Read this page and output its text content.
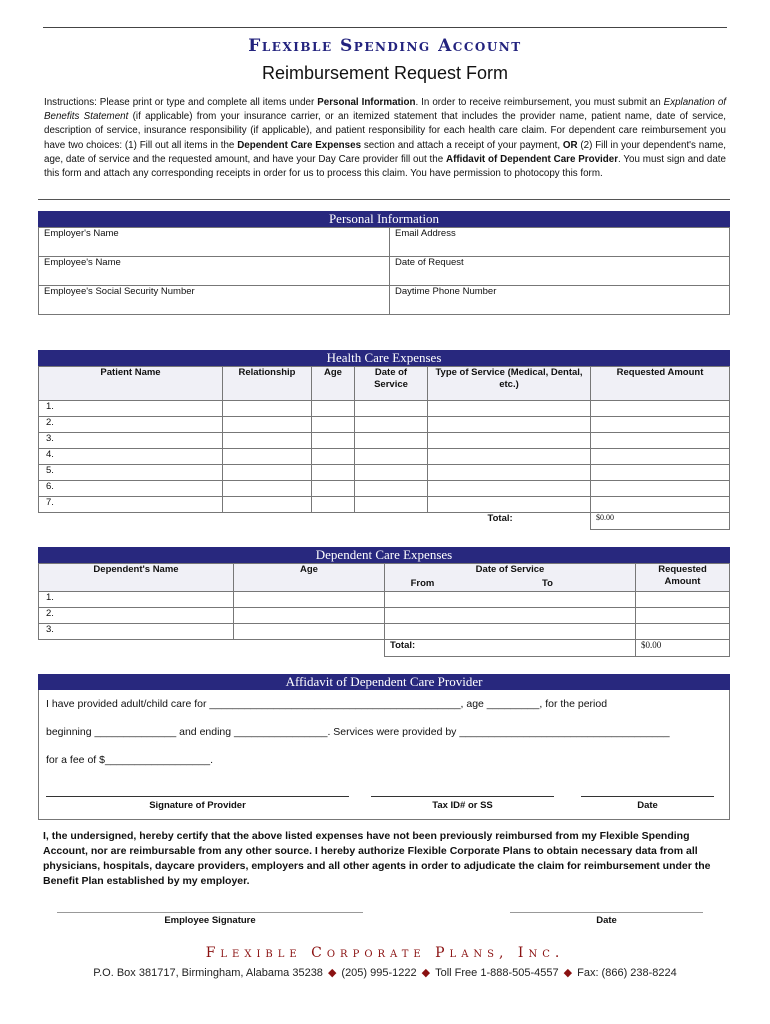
Flexible Spending Account
Reimbursement Request Form
Instructions: Please print or type and complete all items under Personal Information. In order to receive reimbursement, you must submit an Explanation of Benefits Statement (if applicable) from your insurance carrier, or an itemized statement that includes the provider name, patient name, date of service, description of service, insurance responsibility (if applicable), and patient responsibility for each health care claim. For dependent care reimbursement you have two choices: (1) Fill out all items in the Dependent Care Expenses section and attach a receipt of your payment, OR (2) Fill in your dependent's name, age, date of service and the requested amount, and have your Day Care provider fill out the Affidavit of Dependent Care Provider. You must sign and date this form and attach any corresponding receipts in order for us to process this claim. You have permission to photocopy this form.
Personal Information
Employer's Name	Email Address
Employee's Name	Date of Request
Employee's Social Security Number	Daytime Phone Number
Health Care Expenses
Patient Name	Relationship	Age	Date of Service	Type of Service (Medical, Dental, etc.)	Requested Amount
1.					
2.					
3.					
4.					
5.					
6.					
7.					
				Total:	$0.00
Dependent Care Expenses
Dependent's Name	Age	Date of Service		Requested Amount
		From	To	
1.				
2.				
3.				
		Total:		$0.00
Affidavit of Dependent Care Provider
I have provided adult/child care for ___________________________________________, age _________, for the period
beginning ______________ and ending ________________. Services were provided by ____________________________________
for a fee of $__________________.
Signature of Provider	Tax ID# or SS	Date
I, the undersigned, hereby certify that the above listed expenses have not been previously reimbursed from my Flexible Spending Account, nor are reimbursable from any other source. I hereby authorize Flexible Corporate Plans to obtain necessary data from all physicians, hospitals, daycare providers, employers and all other agents in order to adjudicate the claim for reimbursement under the Benefit Plan established by my employer.
Employee Signature	Date
Flexible Corporate Plans, Inc.
P.O. Box 381717, Birmingham, Alabama 35238 ◆ (205) 995-1222 ◆ Toll Free 1-888-505-4557 ◆ Fax: (866) 238-8224
